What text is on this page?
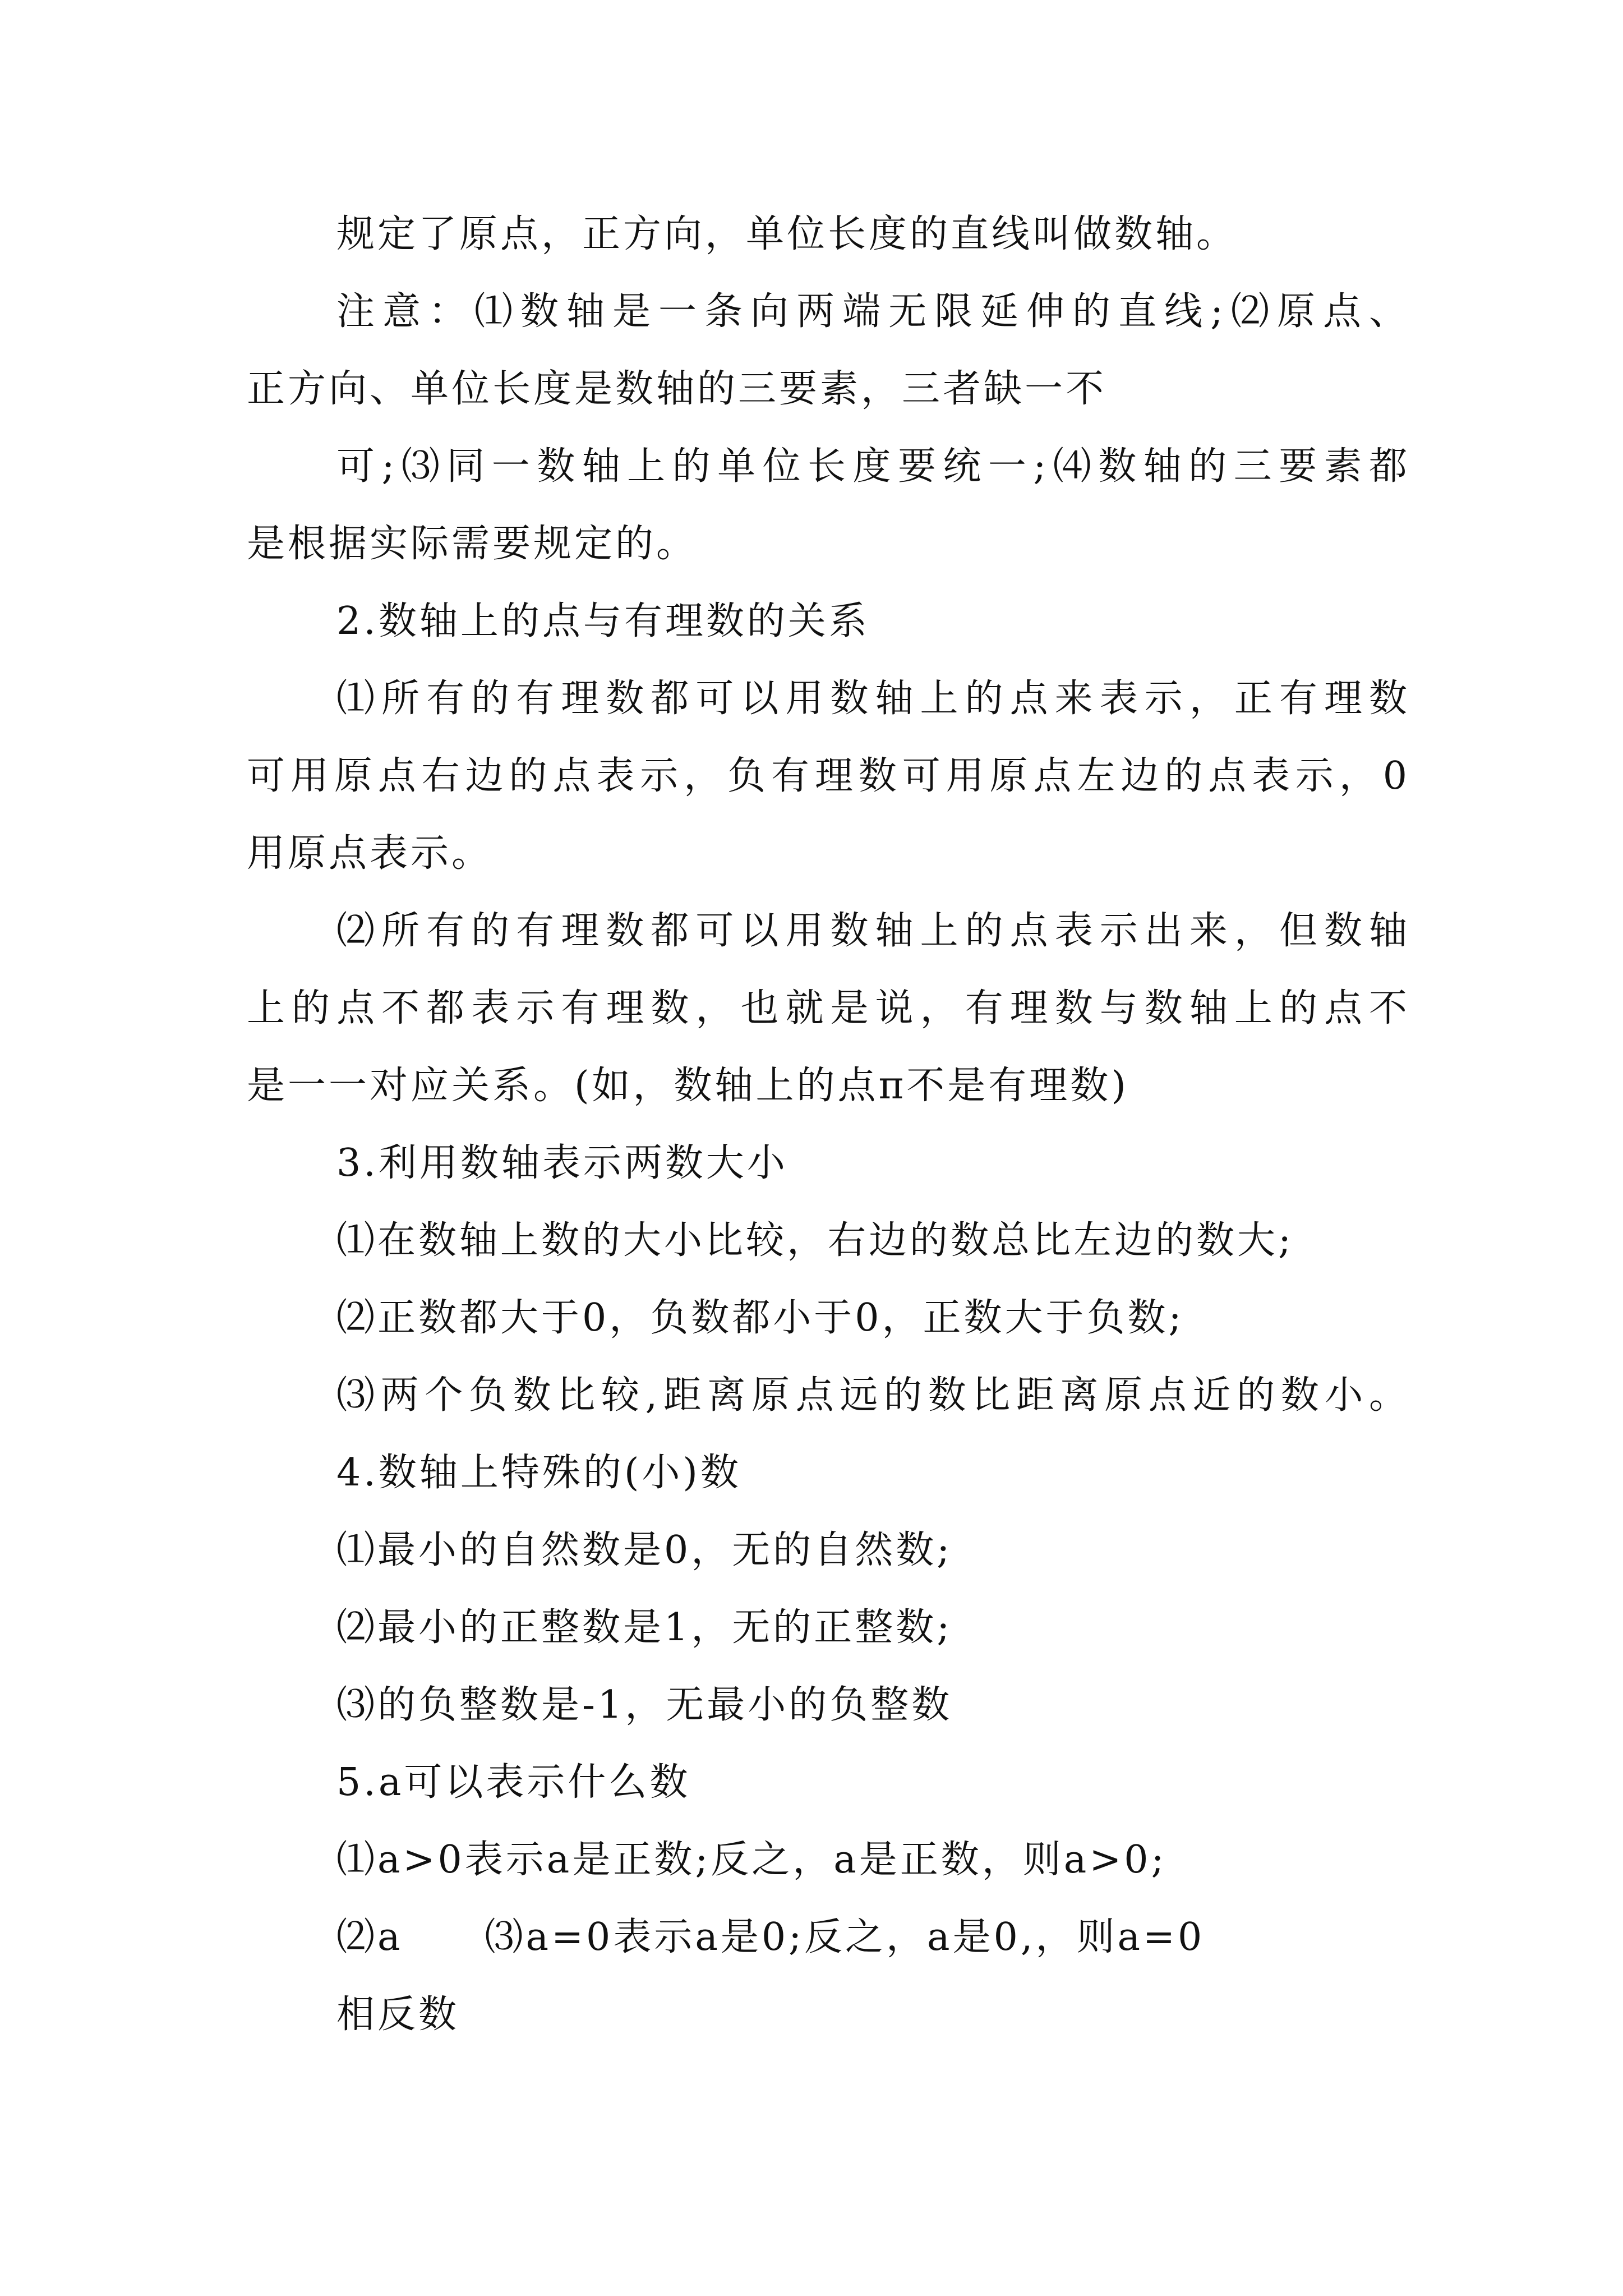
规定了原点，正方向，单位长度的直线叫做数轴。
注意：⑴数轴是一条向两端无限延伸的直线;⑵原点、
正方向、单位长度是数轴的三要素，三者缺一不
可;⑶同一数轴上的单位长度要统一;⑷数轴的三要素都
是根据实际需要规定的。
2.数轴上的点与有理数的关系
⑴所有的有理数都可以用数轴上的点来表示，正有理数
可用原点右边的点表示，负有理数可用原点左边的点表示，0
用原点表示。
⑵所有的有理数都可以用数轴上的点表示出来，但数轴
上的点不都表示有理数，也就是说，有理数与数轴上的点不
是一一对应关系。(如，数轴上的点π不是有理数)
3.利用数轴表示两数大小
⑴在数轴上数的大小比较，右边的数总比左边的数大;
⑵正数都大于0，负数都小于0，正数大于负数;
⑶两个负数比较,距离原点远的数比距离原点近的数小。
4.数轴上特殊的(小)数
⑴最小的自然数是0，无的自然数;
⑵最小的正整数是1，无的正整数;
⑶的负整数是-1，无最小的负整数
5.a可以表示什么数
⑴a>0表示a是正数;反之，a是正数，则a>0;
⑵a　　⑶a=0表示a是0;反之，a是0,，则a=0
相反数
